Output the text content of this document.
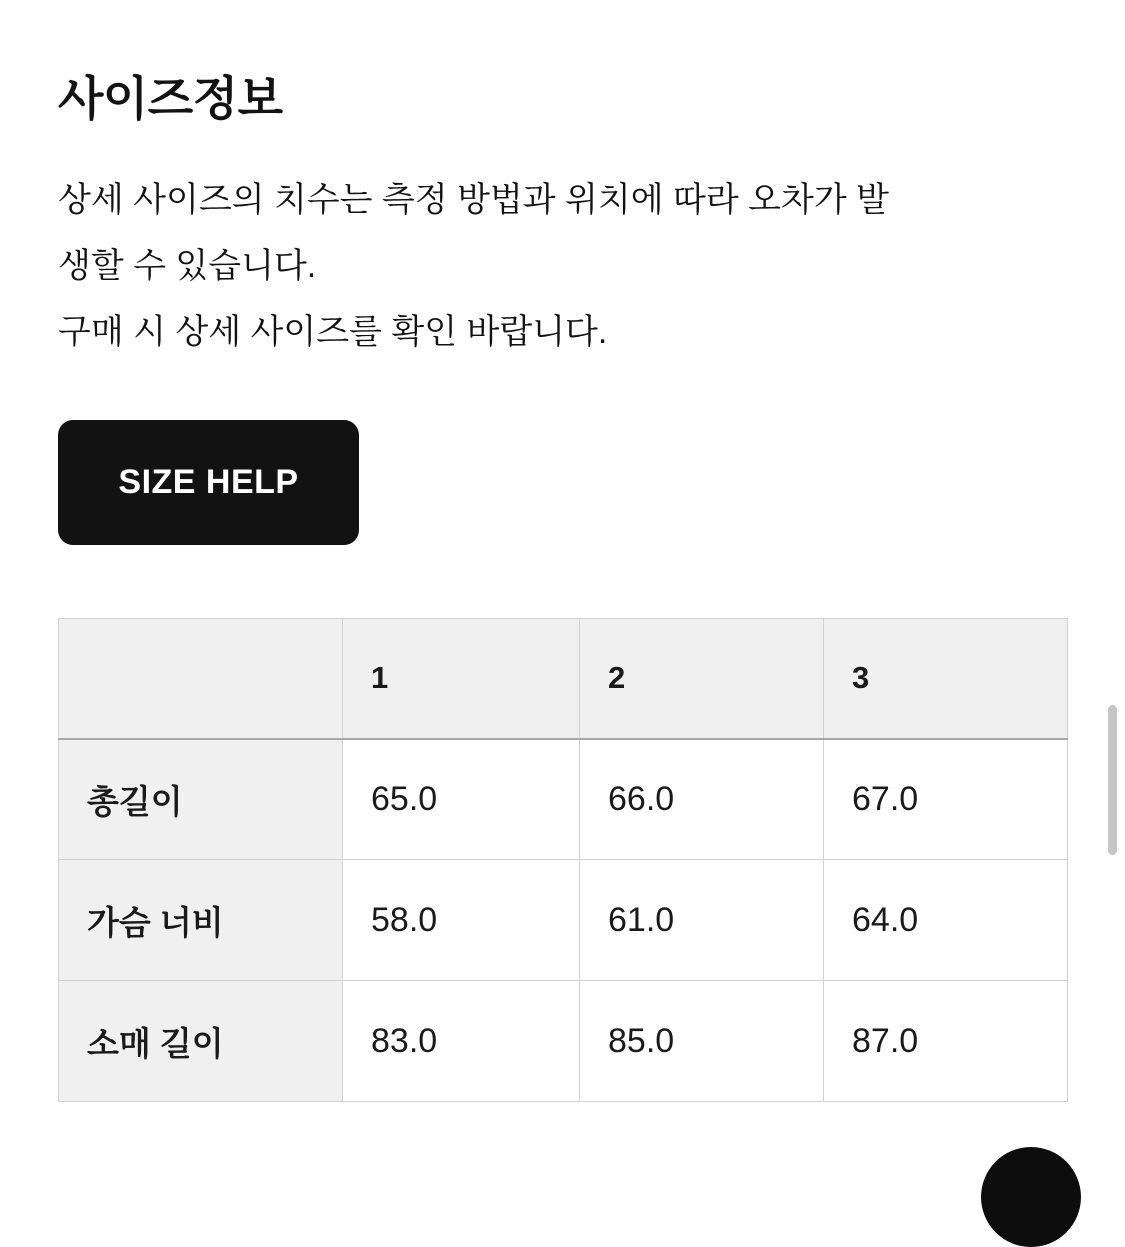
사이즈정보
상세 사이즈의 치수는 측정 방법과 위치에 따라 오차가 발
생할 수 있습니다.
구매 시 상세 사이즈를 확인 바랍니다.
SIZE HELP
	1	2	3
총길이	65.0	66.0	67.0
가슴 너비	58.0	61.0	64.0
소매 길이	83.0	85.0	87.0
